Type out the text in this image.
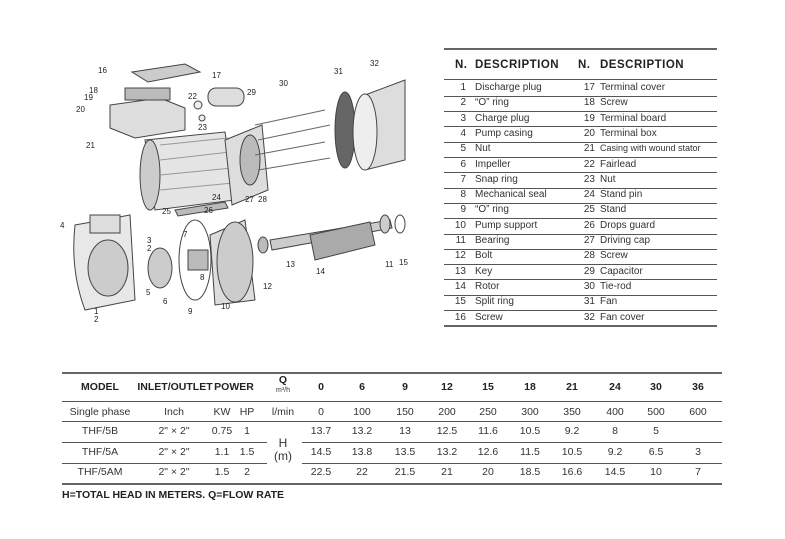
16
17
18
19
20
22	29
23
30
31
32
21
24
25	26
27 28
4
3
2
7
8
5
6
9
10
12
13
14
11 15
1
2
N. DESCRIPTION N. DESCRIPTION
1 Discharge plug	17 Terminal cover
2 “O” ring	18 Screw
3 Charge plug	19 Terminal board
4 Pump casing	20 Terminal box
5 Nut	21 Casing with wound stator
6 Impeller	22 Fairlead
7 Snap ring	23 Nut
8 Mechanical seal	24 Stand pin
9 “O” ring	25 Stand
10 Pump support	26 Drops guard
11 Bearing	27 Driving cap
12 Bolt	28 Screw
13 Key	29 Capacitor
14 Rotor	30 Tie-rod
15 Split ring	31 Fan
16 Screw	32 Fan cover
MODEL INLET/OUTLET POWER
Q
m³/h	0	6	9	12	15	18	21	24	30	36
Single phase	Inch	KW HP l/min 0	100 150 200 250 300 350 400 500 600
H
(m)
THF/5B	2" × 2" 0.75 1	13.7 13.2	13 12.5 11.6 10.5 9.2	8	5
THF/5A	2" × 2" 1.1 1.5	14.5 13.8 13.5 13.2 12.6 11.5 10.5 9.2	6.5	3
THF/5AM	2" × 2" 1.5 2	22.5 22	21.5 21	20 18.5 16.6 14.5 10	7
H=TOTAL HEAD IN METERS. Q=FLOW RATE
